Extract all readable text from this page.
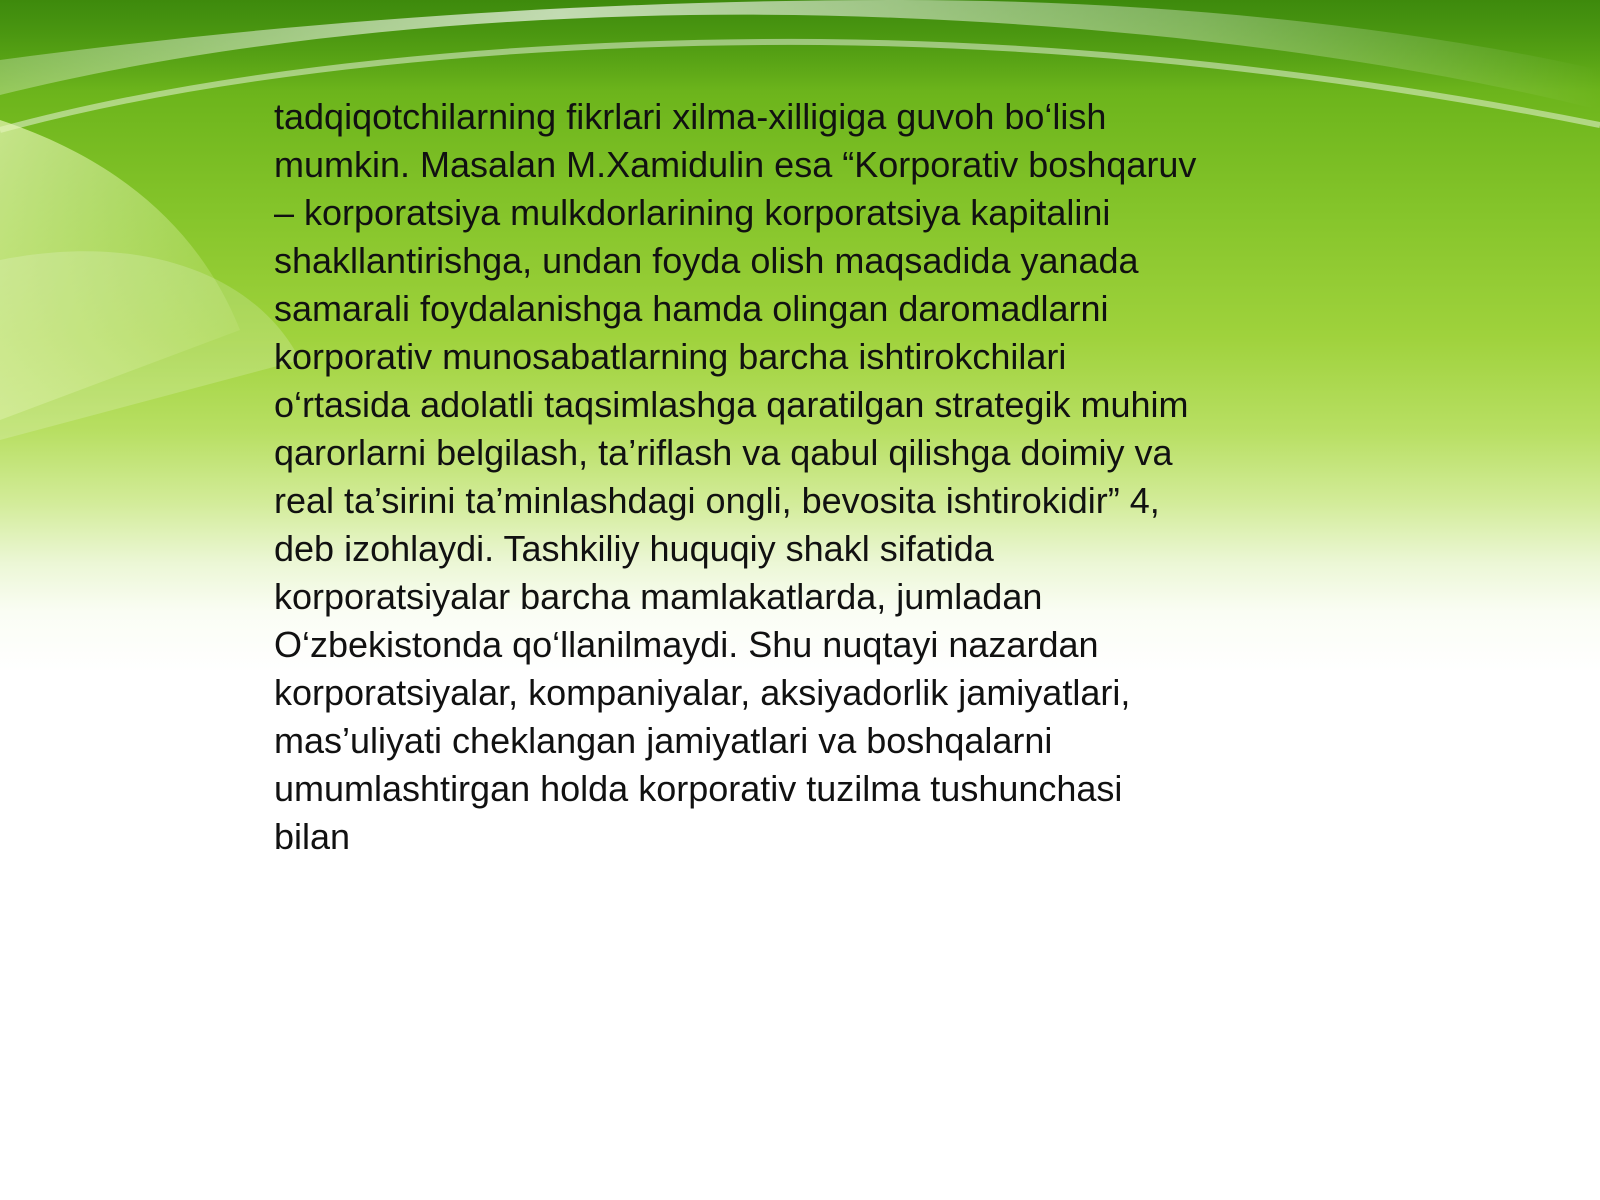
tadqiqotchilarning fikrlari xilma-xilligiga guvoh bo‘lish
mumkin. Masalan M.Xamidulin esa “Korporativ boshqaruv
– korporatsiya mulkdorlarining korporatsiya kapitalini
shakllantirishga, undan foyda olish maqsadida yanada
samarali foydalanishga hamda olingan daromadlarni
korporativ munosabatlarning barcha ishtirokchilari
o‘rtasida adolatli taqsimlashga qaratilgan strategik muhim
qarorlarni belgilash, ta’riflash va qabul qilishga doimiy va
real ta’sirini ta’minlashdagi ongli, bevosita ishtirokidir” 4,
deb izohlaydi. Tashkiliy huquqiy shakl sifatida
korporatsiyalar barcha mamlakatlarda, jumladan
O‘zbekistonda qo‘llanilmaydi. Shu nuqtayi nazardan
korporatsiyalar, kompaniyalar, aksiyadorlik jamiyatlari,
mas’uliyati cheklangan jamiyatlari va boshqalarni
umumlashtirgan holda korporativ tuzilma tushunchasi
bilan
